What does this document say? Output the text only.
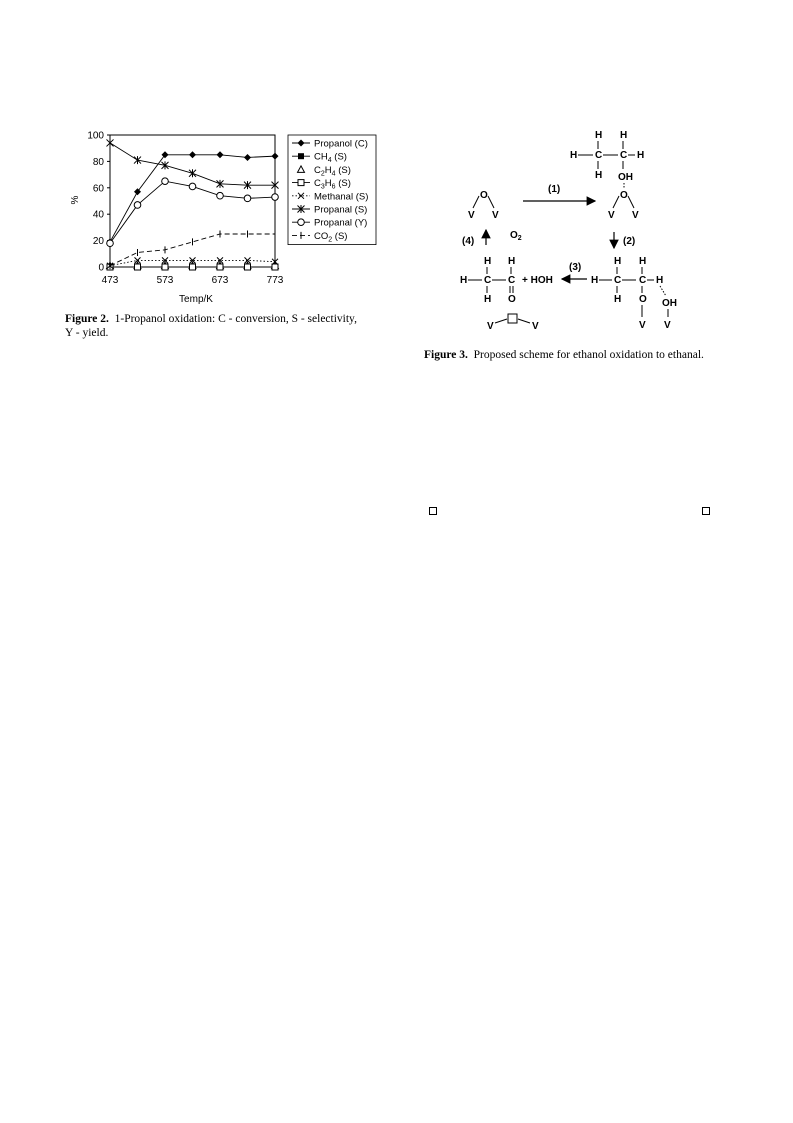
0
20
40
60
80
100
473	573	673	773
%
Temp/K
Propanol (C)
$CH_4$ (S)
$C_2H_4$ (S)
$C_3H_6$ (S)
Methanal (S)
Propanal (S)
Propanal (Y)
$CO_2$ (S)
Figure 2. 1-Propanol oxidation: C - conversion, S - selectivity,
Y - yield.
H H
H C C H
H OH
O
V V
O
V V
(1)
$O_2$
(4)	(2)
H H
H C C
H O
+ HOH
(3)
H H
H C C H
H O OH
V V
V	V
Figure 3. Proposed scheme for ethanol oxidation to ethanal.
